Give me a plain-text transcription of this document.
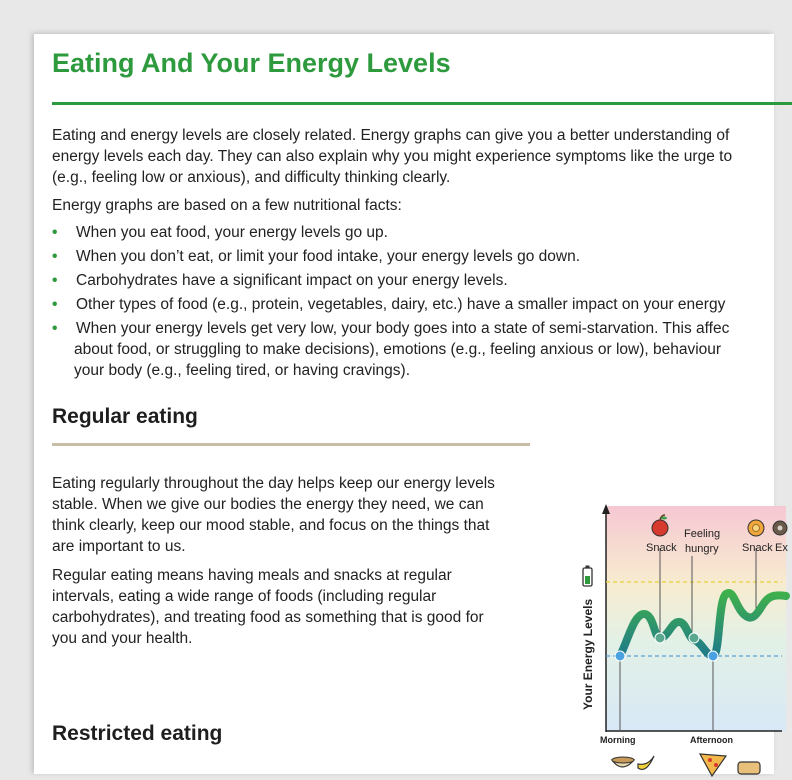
Eating And Your Energy Levels
Eating and energy levels are closely related. Energy graphs can give you a better understanding of
energy levels each day. They can also explain why you might experience symptoms like the urge to
(e.g., feeling low or anxious), and difficulty thinking clearly.
Energy graphs are based on a few nutritional facts:
• When you eat food, your energy levels go up.
• When you don’t eat, or limit your food intake, your energy levels go down.
• Carbohydrates have a significant impact on your energy levels.
• Other types of food (e.g., protein, vegetables, dairy, etc.) have a smaller impact on your energy
• When your energy levels get very low, your body goes into a state of semi-starvation. This affec
about food, or struggling to make decisions), emotions (e.g., feeling anxious or low), behaviour
your body (e.g., feeling tired, or having cravings).
Regular eating
Eating regularly throughout the day helps keep our energy levels
stable. When we give our bodies the energy they need, we can
think clearly, keep our mood stable, and focus on the things that
are important to us.
Regular eating means having meals and snacks at regular
intervals, eating a wide range of foods (including regular
carbohydrates), and treating food as something that is good for
you and your health.
Restricted eating
Your Energy Levels
Snack
Feeling
hungry Snack Ex
Morning	Afternoon
